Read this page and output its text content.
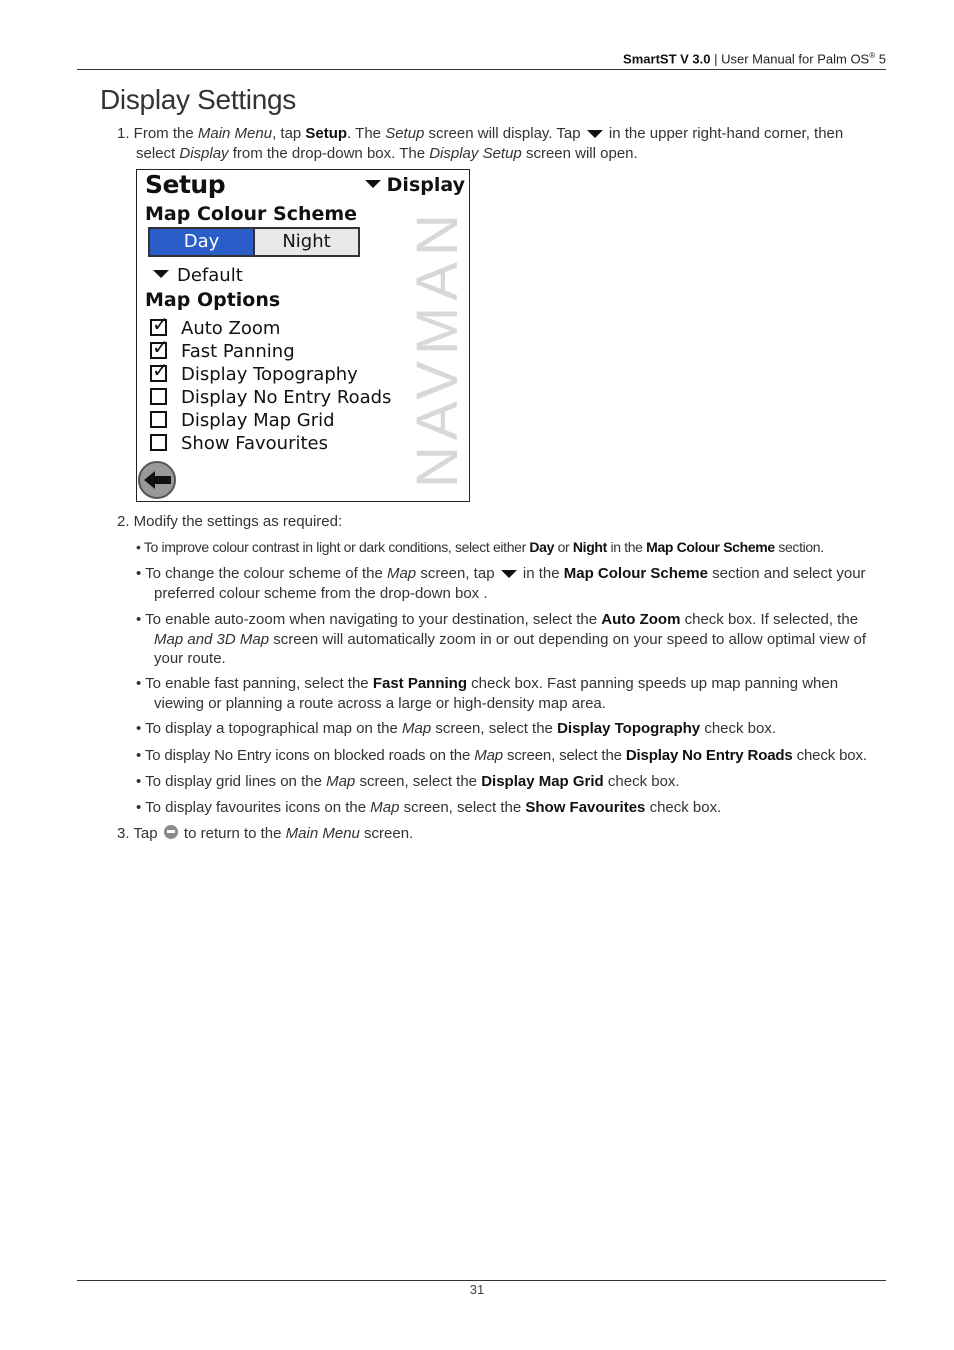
SmartST V 3.0 | User Manual for Palm OS® 5
Display Settings
1. From the Main Menu, tap Setup. The Setup screen will display. Tap  in the upper right-hand corner, then
select Display from the drop-down box. The Display Setup screen will open.
NAVMAN
Setup	Display
Map Colour Scheme
Day	Night
Default
Map Options
✓Auto Zoom
✓Fast Panning
✓Display Topography
Display No Entry Roads
Display Map Grid
Show Favourites
2. Modify the settings as required:
• To improve colour contrast in light or dark conditions, select either Day or Night in the Map Colour Scheme section.
• To change the colour scheme of the Map screen, tap  in the Map Colour Scheme section and select your
preferred colour scheme from the drop-down box .
• To enable auto-zoom when navigating to your destination, select the Auto Zoom check box. If selected, the
Map and 3D Map screen will automatically zoom in or out depending on your speed to allow optimal view of
your route.
• To enable fast panning, select the Fast Panning check box. Fast panning speeds up map panning when
viewing or planning a route across a large or high-density map area.
• To display a topographical map on the Map screen, select the Display Topography check box.
• To display No Entry icons on blocked roads on the Map screen, select the Display No Entry Roads check box.
• To display grid lines on the Map screen, select the Display Map Grid check box.
• To display favourites icons on the Map screen, select the Show Favourites check box.
3. Tap  to return to the Main Menu screen.
31
